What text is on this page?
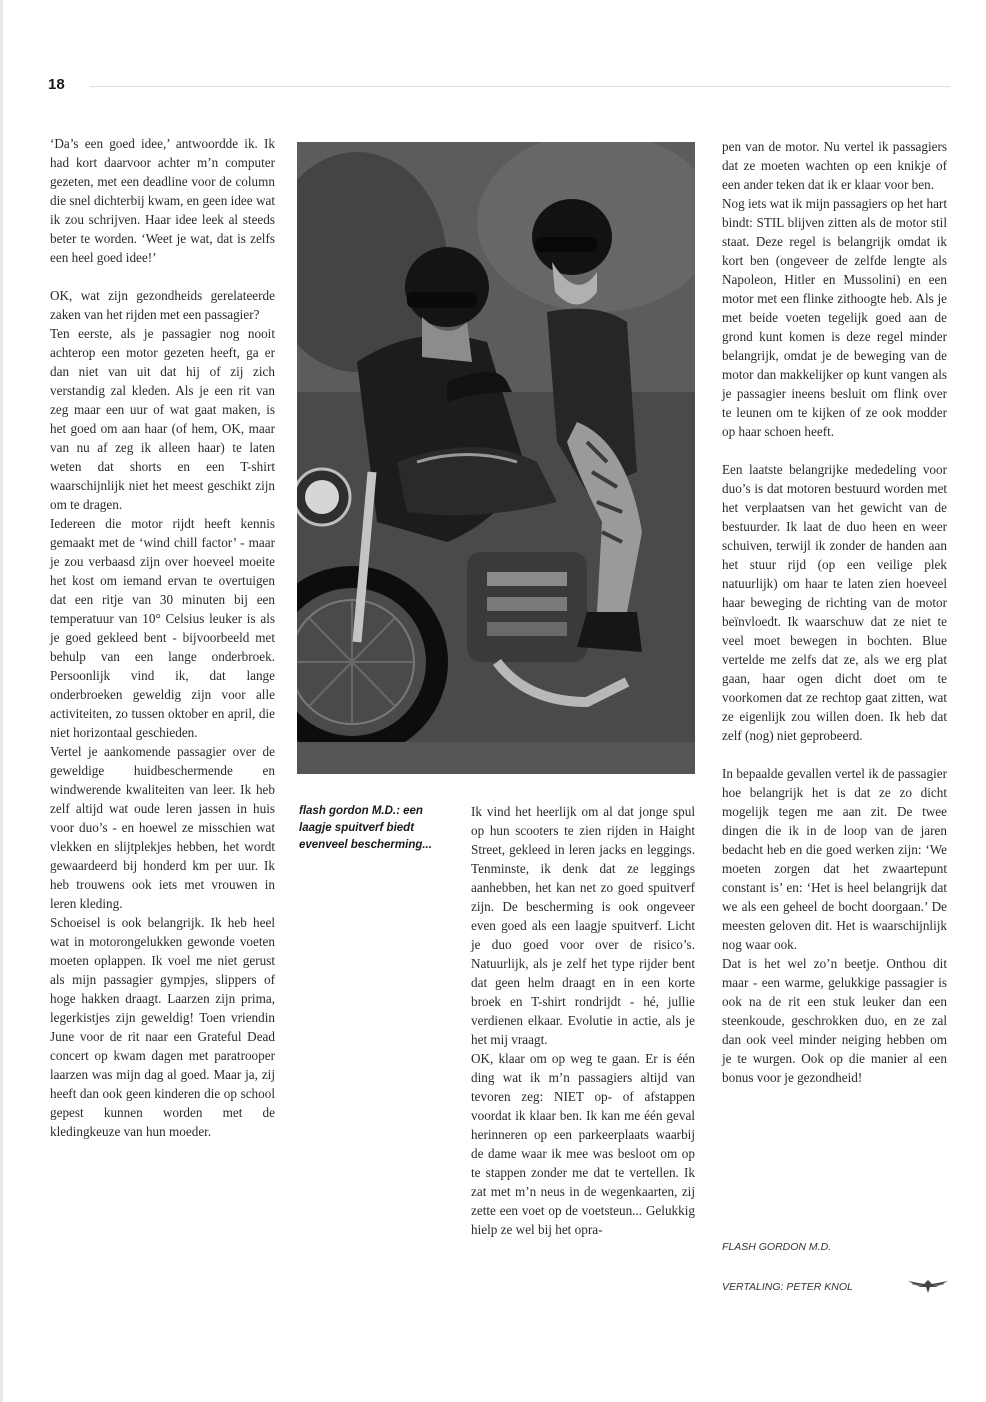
18

‘Da’s een goed idee,’ antwoordde ik. Ik had kort daarvoor achter m’n computer gezeten, met een deadline voor de column die snel dichterbij kwam, en geen idee wat ik zou schrijven. Haar idee leek al steeds beter te worden. ‘Weet je wat, dat is zelfs een heel goed idee!’

OK, wat zijn gezondheids gerelateerde zaken van het rijden met een passagier?

Ten eerste, als je passagier nog nooit achterop een motor gezeten heeft, ga er dan niet van uit dat hij of zij zich verstandig zal kleden. Als je een rit van zeg maar een uur of wat gaat maken, is het goed om aan haar (of hem, OK, maar van nu af zeg ik alleen haar) te laten weten dat shorts en een T-shirt waarschijnlijk niet het meest geschikt zijn om te dragen.

Iedereen die motor rijdt heeft kennis gemaakt met de ‘wind chill factor’ - maar je zou verbaasd zijn over hoeveel moeite het kost om iemand ervan te overtuigen dat een ritje van 30 minuten bij een temperatuur van 10° Celsius leuker is als je goed gekleed bent - bijvoorbeeld met behulp van een lange onderbroek. Persoonlijk vind ik, dat lange onderbroeken geweldig zijn voor alle activiteiten, zo tussen oktober en april, die niet horizontaal geschieden.

Vertel je aankomende passagier over de geweldige huidbeschermende en windwerende kwaliteiten van leer. Ik heb zelf altijd wat oude leren jassen in huis voor duo’s - en hoewel ze misschien wat vlekken en slijtplekjes hebben, het wordt gewaardeerd bij honderd km per uur. Ik heb trouwens ook iets met vrouwen in leren kleding.

Schoeisel is ook belangrijk. Ik heb heel wat in motorongelukken gewonde voeten moeten oplappen. Ik voel me niet gerust als mijn passagier gympjes, slippers of hoge hakken draagt. Laarzen zijn prima, legerkistjes zijn geweldig! Toen vriendin June voor de rit naar een Grateful Dead concert op kwam dagen met paratrooper laarzen was mijn dag al goed. Maar ja, zij heeft dan ook geen kinderen die op school gepest kunnen worden met de kledingkeuze van hun moeder.

flash gordon M.D.: een laagje spuitverf biedt evenveel bescherming...

Ik vind het heerlijk om al dat jonge spul op hun scooters te zien rijden in Haight Street, gekleed in leren jacks en leggings. Tenminste, ik denk dat ze leggings aanhebben, het kan net zo goed spuitverf zijn. De bescherming is ook ongeveer even goed als een laagje spuitverf. Licht je duo goed voor over de risico’s. Natuurlijk, als je zelf het type rijder bent dat geen helm draagt en in een korte broek en T-shirt rondrijdt - hé, jullie verdienen elkaar. Evolutie in actie, als je het mij vraagt.

OK, klaar om op weg te gaan. Er is één ding wat ik m’n passagiers altijd van tevoren zeg: NIET op- of afstappen voordat ik klaar ben. Ik kan me één geval herinneren op een parkeerplaats waarbij de dame waar ik mee was besloot om op te stappen zonder me dat te vertellen. Ik zat met m’n neus in de wegenkaarten, zij zette een voet op de voetsteun... Gelukkig hielp ze wel bij het opra-

pen van de motor. Nu vertel ik passagiers dat ze moeten wachten op een knikje of een ander teken dat ik er klaar voor ben.

Nog iets wat ik mijn passagiers op het hart bindt: STIL blijven zitten als de motor stil staat. Deze regel is belangrijk omdat ik kort ben (ongeveer de zelfde lengte als Napoleon, Hitler en Mussolini) en een motor met een flinke zithoogte heb. Als je met beide voeten tegelijk goed aan de grond kunt komen is deze regel minder belangrijk, omdat je de beweging van de motor dan makkelijker op kunt vangen als je passagier ineens besluit om flink over te leunen om te kijken of ze ook modder op haar schoen heeft.

Een laatste belangrijke mededeling voor duo’s is dat motoren bestuurd worden met het verplaatsen van het gewicht van de bestuurder. Ik laat de duo heen en weer schuiven, terwijl ik zonder de handen aan het stuur rijd (op een veilige plek natuurlijk) om haar te laten zien hoeveel haar beweging de richting van de motor beïnvloedt. Ik waarschuw dat ze niet te veel moet bewegen in bochten. Blue vertelde me zelfs dat ze, als we erg plat gaan, haar ogen dicht doet om te voorkomen dat ze rechtop gaat zitten, wat ze eigenlijk zou willen doen. Ik heb dat zelf (nog) niet geprobeerd.

In bepaalde gevallen vertel ik de passagier hoe belangrijk het is dat ze zo dicht mogelijk tegen me aan zit. De twee dingen die ik in de loop van de jaren bedacht heb en die goed werken zijn: ‘We moeten zorgen dat het zwaartepunt constant is’ en: ‘Het is heel belangrijk dat we als een geheel de bocht doorgaan.’ De meesten geloven dit. Het is waarschijnlijk nog waar ook.

Dat is het wel zo’n beetje. Onthou dit maar - een warme, gelukkige passagier is ook na de rit een stuk leuker dan een steenkoude, geschrokken duo, en ze zal dan ook veel minder neiging hebben om je te wurgen. Ook op die manier al een bonus voor je gezondheid!

FLASH GORDON M.D.
VERTALING: PETER KNOL
